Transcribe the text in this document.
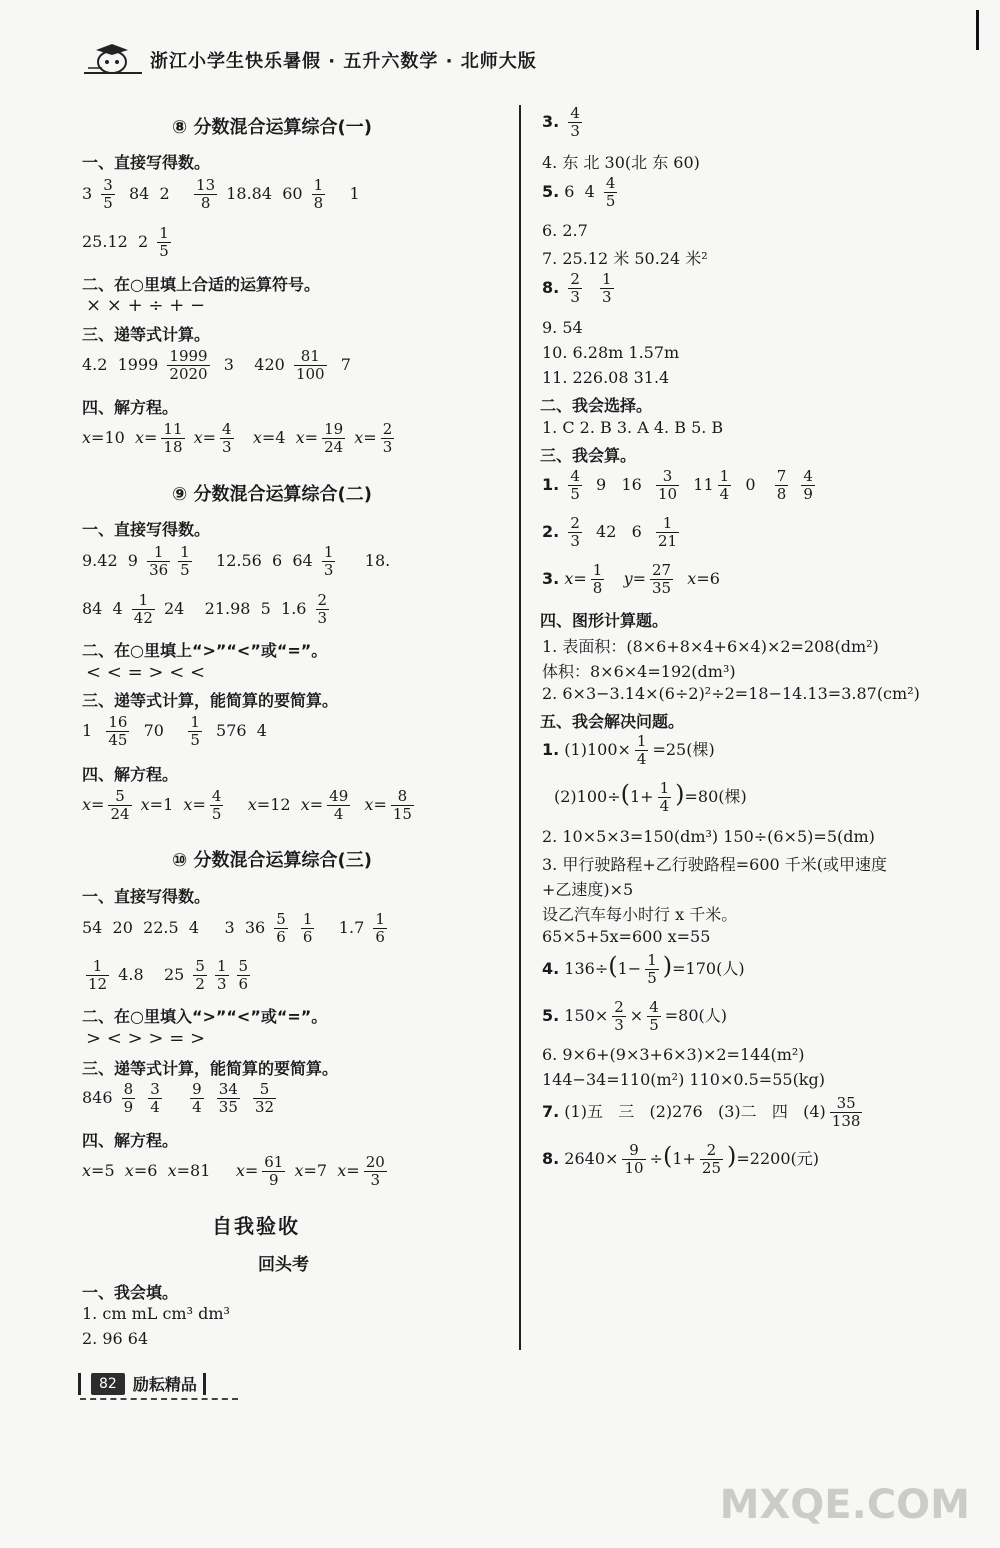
浙江小学生快乐暑假 · 五升六数学 · 北师大版
⑧ 分数混合运算综合(一)
一、直接写得数。
$3 \frac{3}{5} 84$  $2 \frac{13}{8} 18.84$  $60 \frac{1}{8} 1$
25.12  $2 \frac{1}{5}$
二、在○里填上合适的运算符号。
× × + ÷ + −
三、递等式计算。
4.2  $1999 \frac{1999}{2020} 3$    $420 \frac{81}{100} 7$
四、解方程。
x=10  $x= \frac{11}{18} x= \frac{4}{3} x=4$  $x= \frac{19}{24} x= \frac{2}{3}$
⑨ 分数混合运算综合(二)
一、直接写得数。
9.42  $9 \frac{1}{36} \frac{1}{5} 12.56$  6  $64 \frac{1}{3} 18$.
84  $4 \frac{1}{42} 24$    21.98  5  $1.6 \frac{2}{3}$
二、在○里填上“>”“<”或“=”。
< < = > < <
三、递等式计算，能简算的要简算。
$1 \frac{16}{45} 70 \frac{1}{5} 576$  4
四、解方程。
$x= \frac{5}{24} x=1$  $x= \frac{4}{5} x=12$  $x= \frac{49}{4} x= \frac{8}{15}$
⑩ 分数混合运算综合(三)
一、直接写得数。
54  20  22.5  4     3  $36 \frac{5}{6}$
$\frac{1}{6} 1.7 \frac{1}{6}$
$\frac{1}{12} 4.8$    $25 \frac{5}{2} \frac{1}{3} \frac{5}{6}$
二、在○里填入“>”“<”或“=”。
> < > > = >
三、递等式计算，能简算的要简算。
$846 \frac{8}{9}$
$\frac{3}{4}$
$\frac{9}{4}$
$\frac{34}{35}$
$\frac{5}{32}$
四、解方程。
x=5  x=6  x=81     $x= \frac{61}{9} x=7$  $x= \frac{20}{3}$
自我验收
回头考
一、我会填。
1. cm mL cm³ dm³
2. 96 64
3. $\frac{4}{3}$
4. 东 北 30(北 东 60)
5. 6  $4 \frac{4}{5}$
6. 2.7
7. 25.12 米 50.24 米²
8. $\frac{2}{3}$
$\frac{1}{3}$
9. 54
10. 6.28m 1.57m
11. 226.08 31.4
二、我会选择。
1. C 2. B 3. A 4. B 5. B
三、我会算。
1. $\frac{4}{5} 9$   $16 \frac{3}{10} 11 \frac{1}{4} 0 \frac{7}{8}$
$\frac{4}{9}$
2. $\frac{2}{3} 42$   $6 \frac{1}{21}$
3. $x= \frac{1}{8} y= \frac{27}{35} x=6$
四、图形计算题。
1. 表面积：(8×6+8×4+6×4)×2=208(dm²)
体积：8×6×4=192(dm³)
2. 6×3−3.14×(6÷2)²÷2=18−14.13=3.87(cm²)
五、我会解决问题。
1. $(1)100\times \frac{1}{4} =25$(棵)
$(2)100\div(1+ \frac{1}{4} )=80$(棵)
2. 10×5×3=150(dm³) 150÷(6×5)=5(dm)
3. 甲行驶路程+乙行驶路程=600 千米(或甲速度
+乙速度)×5
设乙汽车每小时行 x 千米。
65×5+5x=600 x=55
4. $136\div(1- \frac{1}{5} )=170$(人)
5. $150\times \frac{2}{3} \times \frac{4}{5} =80$(人)
6. 9×6+(9×3+6×3)×2=144(m²)
144−34=110(m²) 110×0.5=55(kg)
7. (1)五   三   (2)276   (3)二   四   $(4) \frac{35}{138}$
8. $2640\times \frac{9}{10} \div(1+ \frac{2}{25} )=2200$(元)
82	励耘精品
MXQE.COM
